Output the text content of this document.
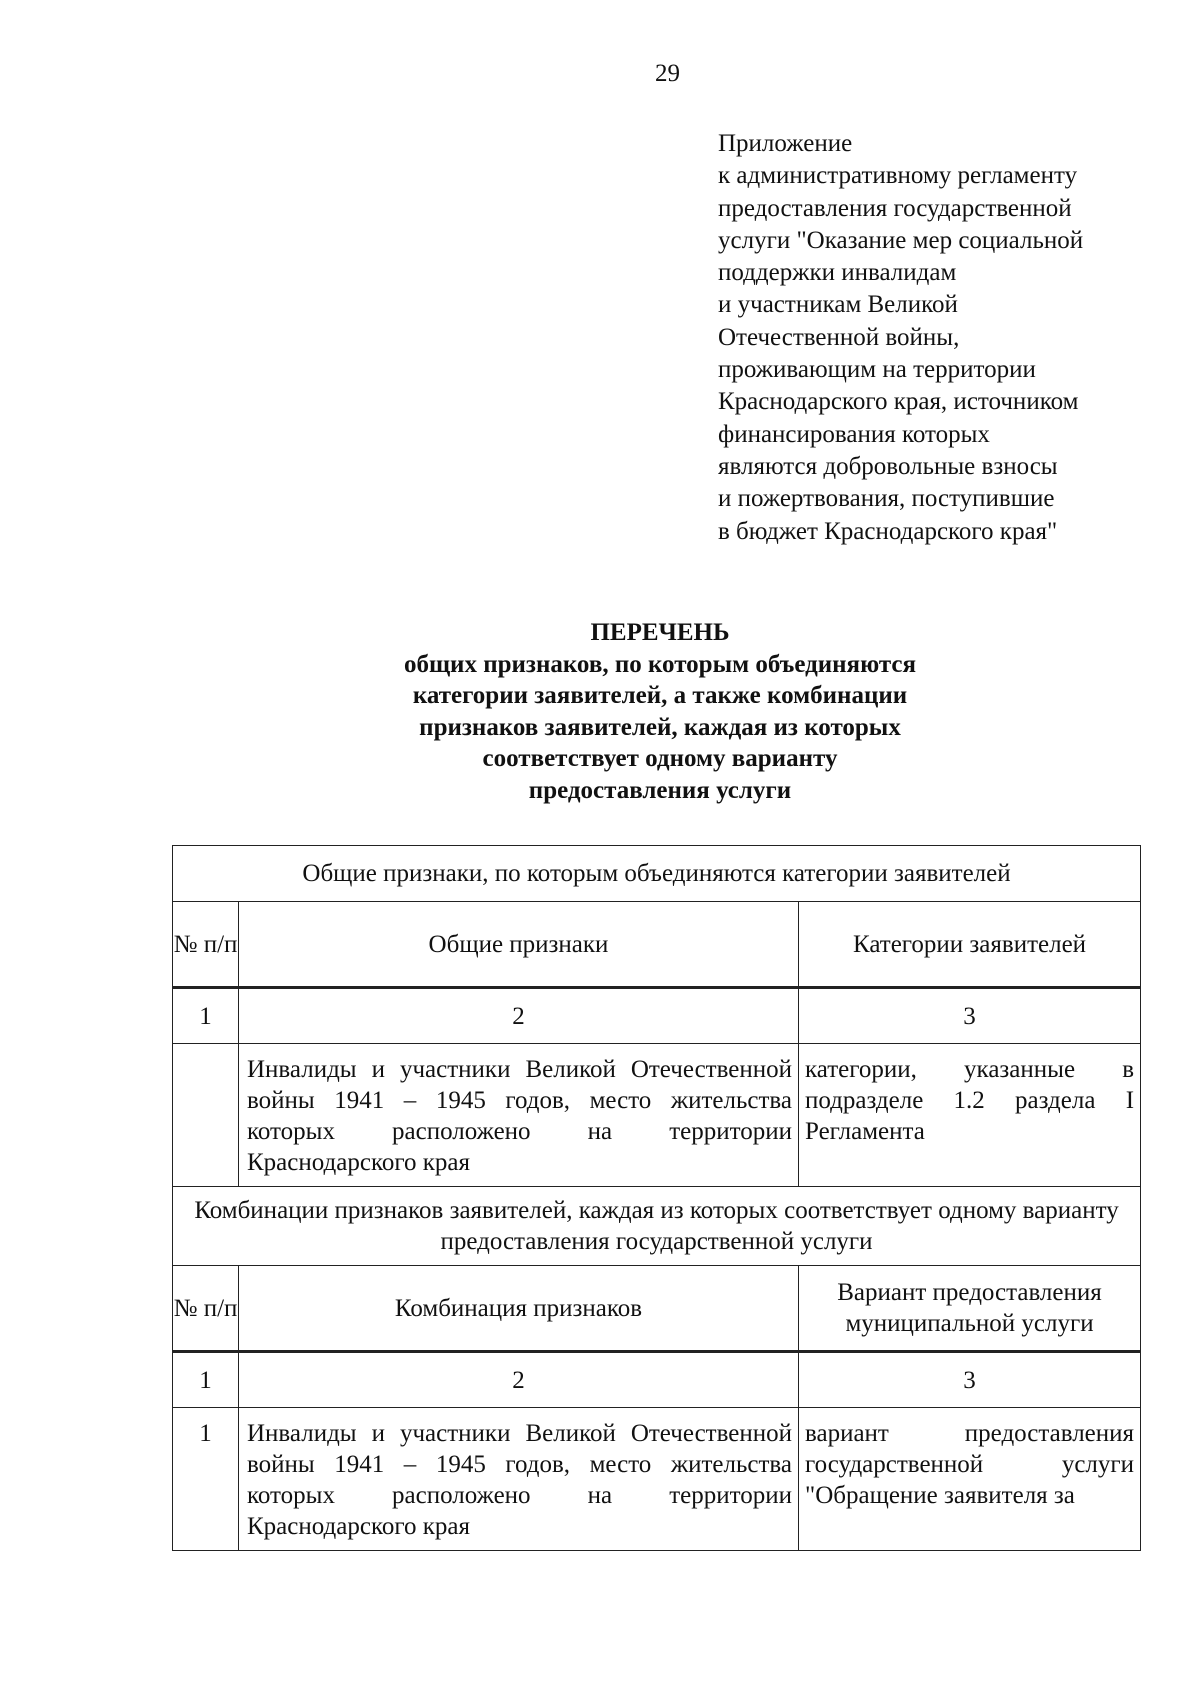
29
Приложение
к административному регламенту
предоставления государственной
услуги "Оказание мер социальной
поддержки инвалидам
и участникам Великой
Отечественной войны,
проживающим на территории
Краснодарского края, источником
финансирования которых
являются добровольные взносы
и пожертвования, поступившие
в бюджет Краснодарского края"
ПЕРЕЧЕНЬ
общих признаков, по которым объединяются
категории заявителей, а также комбинации
признаков заявителей, каждая из которых
соответствует одному варианту
предоставления услуги
Общие признаки, по которым объединяются категории заявителей		
№ п/п	Общие признаки	Категории заявителей
1	2	3
	Инвалиды и участники Великой Отечественной войны 1941 – 1945 годов, место жительства которых расположено на территории Краснодарского края	категории, указанные в подразделе 1.2 раздела I Регламента
Комбинации признаков заявителей, каждая из которых соответствует одному варианту предоставления государственной услуги		
№ п/п	Комбинация признаков	Вариант предоставления муниципальной услуги
1	2	3
1	Инвалиды и участники Великой Отечественной войны 1941 – 1945 годов, место жительства которых расположено на территории Краснодарского края	вариант предоставления государственной услуги "Обращение заявителя за
